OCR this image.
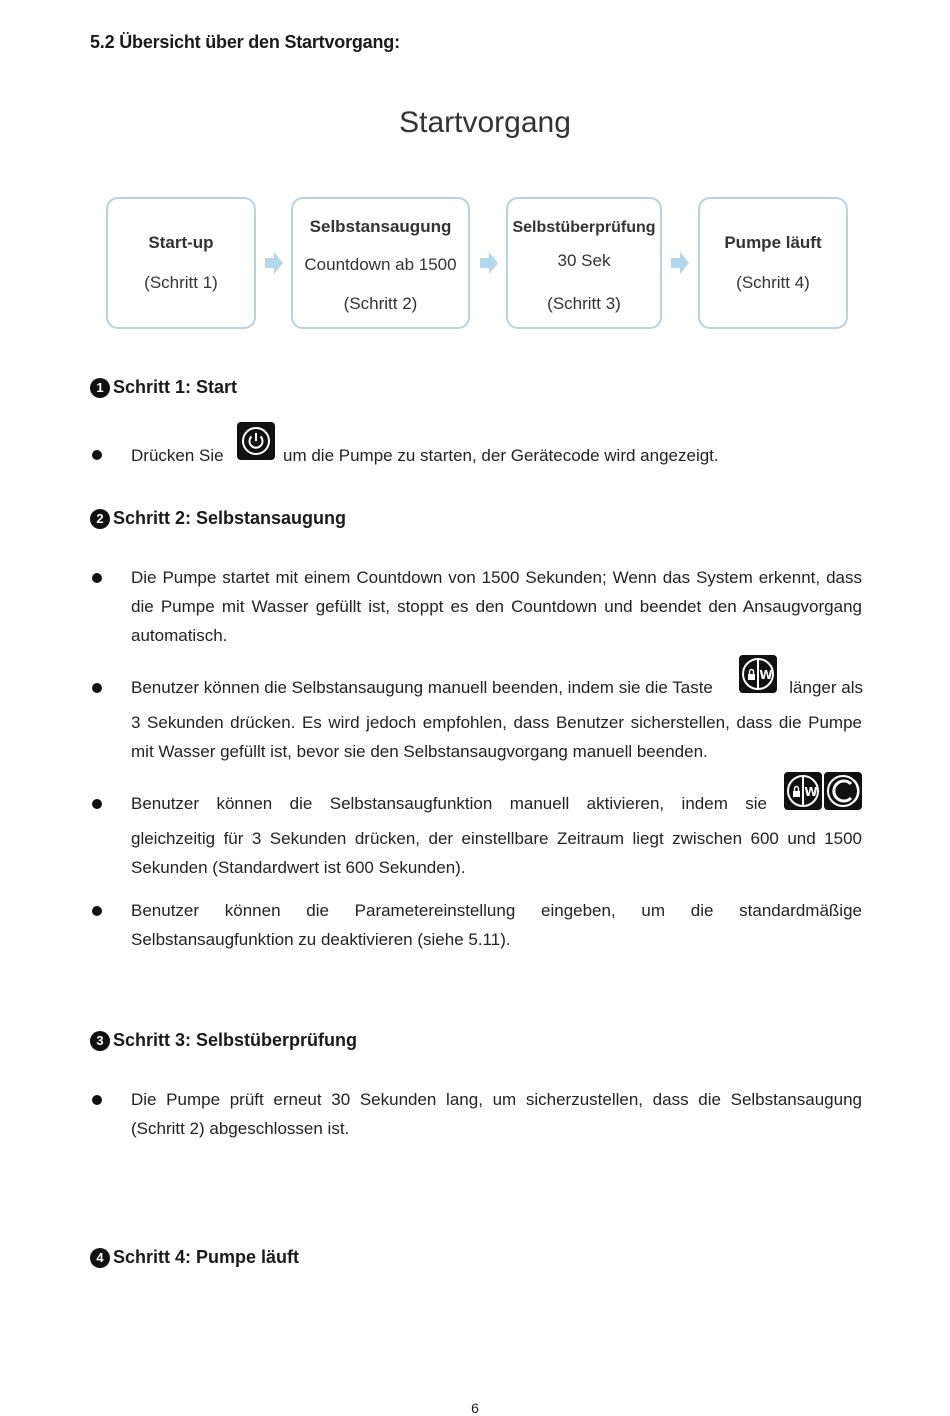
5.2 Übersicht über den Startvorgang:
Startvorgang
Start-up
(Schritt 1)
Selbstansaugung
Countdown ab 1500
(Schritt 2)
Selbstüberprüfung
30 Sek
(Schritt 3)
Pumpe läuft
(Schritt 4)
1 Schritt 1: Start
Drücken Sie	um die Pumpe zu starten, der Gerätecode wird angezeigt.
2 Schritt 2: Selbstansaugung
Die Pumpe startet mit einem Countdown von 1500 Sekunden; Wenn das System erkennt, dass
die Pumpe mit Wasser gefüllt ist, stoppt es den Countdown und beendet den Ansaugvorgang
automatisch.
Benutzer können die Selbstansaugung manuell beenden, indem sie die Taste
W
länger als
3 Sekunden drücken. Es wird jedoch empfohlen, dass Benutzer sicherstellen, dass die Pumpe
mit Wasser gefüllt ist, bevor sie den Selbstansaugvorgang manuell beenden.
Benutzer können die Selbstansaugfunktion manuell aktivieren, indem sie
W
gleichzeitig für 3 Sekunden drücken, der einstellbare Zeitraum liegt zwischen 600 und 1500
Sekunden (Standardwert ist 600 Sekunden).
Benutzer können die Parametereinstellung eingeben, um die standardmäßige
Selbstansaugfunktion zu deaktivieren (siehe 5.11).
3 Schritt 3: Selbstüberprüfung
Die Pumpe prüft erneut 30 Sekunden lang, um sicherzustellen, dass die Selbstansaugung
(Schritt 2) abgeschlossen ist.
4 Schritt 4: Pumpe läuft
6
